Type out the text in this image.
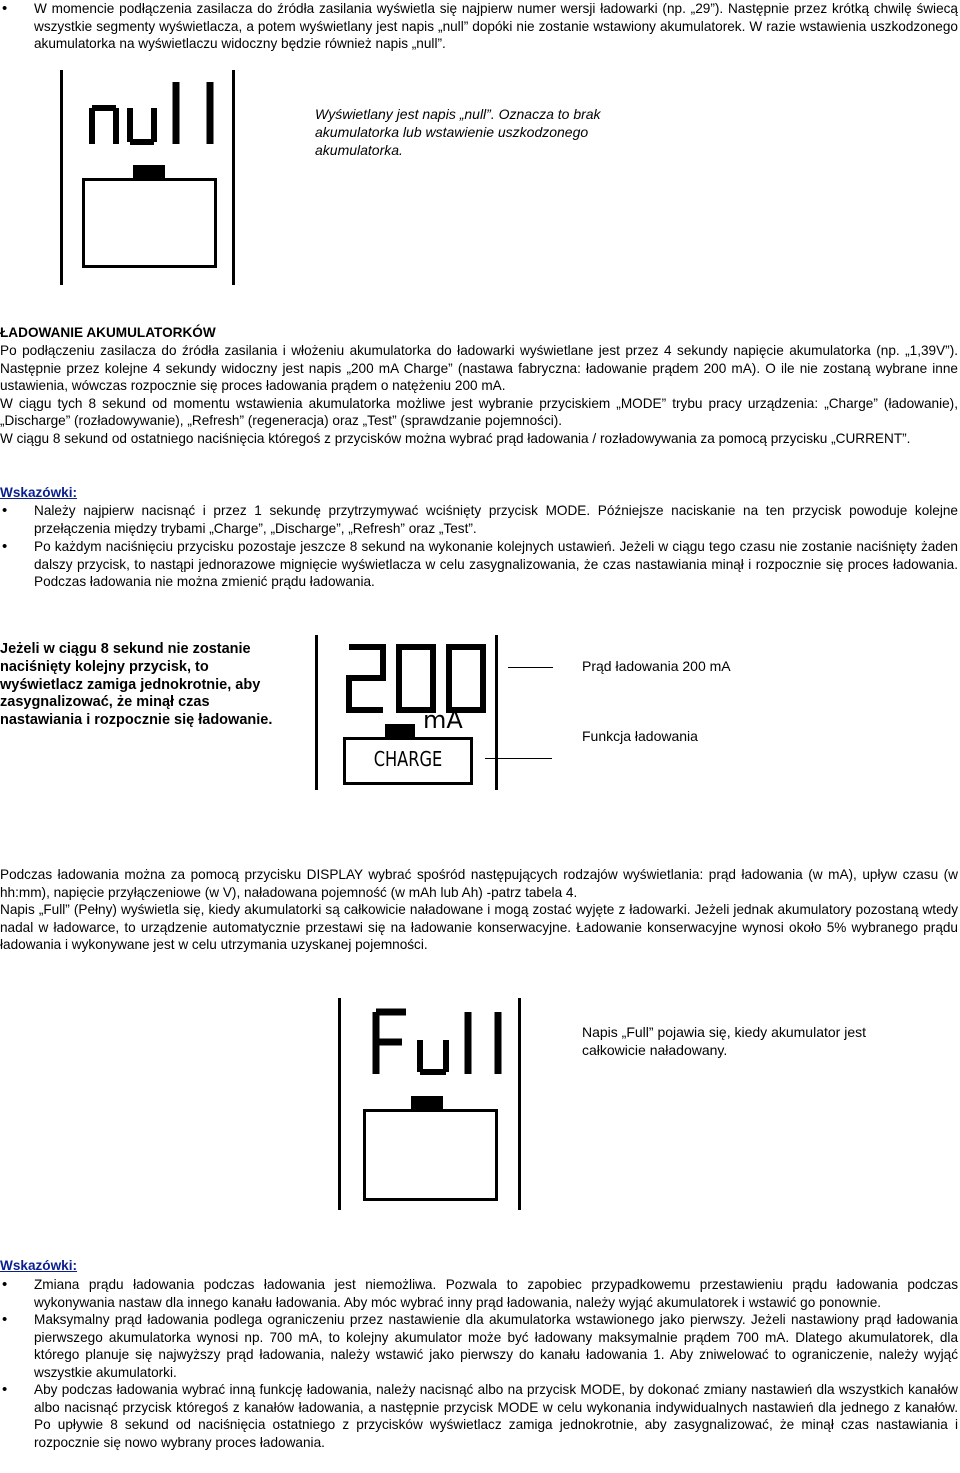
• W momencie podłączenia zasilacza do źródła zasilania wyświetla się najpierw numer wersji ładowarki (np. „29”). Następnie przez krótką chwilę świecą wszystkie segmenty wyświetlacza, a potem wyświetlany jest napis „null” dopóki nie zostanie wstawiony akumulatorek. W razie wstawienia uszkodzonego akumulatorka na wyświetlaczu widoczny będzie również napis „null”.

Wyświetlany jest napis „null”. Oznacza to brak akumulatorka lub wstawienie uszkodzonego akumulatorka.

ŁADOWANIE AKUMULATORKÓW

Po podłączeniu zasilacza do źródła zasilania i włożeniu akumulatorka do ładowarki wyświetlane jest przez 4 sekundy napięcie akumulatorka (np. „1,39V”). Następnie przez kolejne 4 sekundy widoczny jest napis „200 mA Charge” (nastawa fabryczna: ładowanie prądem 200 mA). O ile nie zostaną wybrane inne ustawienia, wówczas rozpocznie się proces ładowania prądem o natężeniu 200 mA.

W ciągu tych 8 sekund od momentu wstawienia akumulatorka możliwe jest wybranie przyciskiem „MODE” trybu pracy urządzenia: „Charge” (ładowanie), „Discharge” (rozładowywanie), „Refresh” (regeneracja) oraz „Test” (sprawdzanie pojemności).

W ciągu 8 sekund od ostatniego naciśnięcia któregoś z przycisków można wybrać prąd ładowania / rozładowywania za pomocą przycisku „CURRENT”.

Wskazówki:

• Należy najpierw nacisnąć i przez 1 sekundę przytrzymywać wciśnięty przycisk MODE. Późniejsze naciskanie na ten przycisk powoduje kolejne przełączenia między trybami „Charge”, „Discharge”, „Refresh” oraz „Test”.
• Po każdym naciśnięciu przycisku pozostaje jeszcze 8 sekund na wykonanie kolejnych ustawień. Jeżeli w ciągu tego czasu nie zostanie naciśnięty żaden dalszy przycisk, to nastąpi jednorazowe mignięcie wyświetlacza w celu zasygnalizowania, że czas nastawiania minął i rozpocznie się proces ładowania. Podczas ładowania nie można zmienić prądu ładowania.

Jeżeli w ciągu 8 sekund nie zostanie naciśnięty kolejny przycisk, to wyświetlacz zamiga jednokrotnie, aby zasygnalizować, że minął czas nastawiania i rozpocznie się ładowanie.	mA
CHARGE

Prąd ładowania 200 mA

Funkcja ładowania

Podczas ładowania można za pomocą przycisku DISPLAY wybrać spośród następujących rodzajów wyświetlania: prąd ładowania (w mA), upływ czasu (w hh:mm), napięcie przyłączeniowe (w V), naładowana pojemność (w mAh lub Ah) -patrz tabela 4.

Napis „Full” (Pełny) wyświetla się, kiedy akumulatorki są całkowicie naładowane i mogą zostać wyjęte z ładowarki. Jeżeli jednak akumulatory pozostaną wtedy nadal w ładowarce, to urządzenie automatycznie przestawi się na ładowanie konserwacyjne. Ładowanie konserwacyjne wynosi około 5% wybranego prądu ładowania i wykonywane jest w celu utrzymania uzyskanej pojemności.

Napis „Full” pojawia się, kiedy akumulator jest całkowicie naładowany.

Wskazówki:

• Zmiana prądu ładowania podczas ładowania jest niemożliwa. Pozwala to zapobiec przypadkowemu przestawieniu prądu ładowania podczas wykonywania nastaw dla innego kanału ładowania. Aby móc wybrać inny prąd ładowania, należy wyjąć akumulatorek i wstawić go ponownie.
• Maksymalny prąd ładowania podlega ograniczeniu przez nastawienie dla akumulatorka wstawionego jako pierwszy. Jeżeli nastawiony prąd ładowania pierwszego akumulatorka wynosi np. 700 mA, to kolejny akumulator może być ładowany maksymalnie prądem 700 mA. Dlatego akumulatorek, dla którego planuje się najwyższy prąd ładowania, należy wstawić jako pierwszy do kanału ładowania 1. Aby zniwelować to ograniczenie, należy wyjąć wszystkie akumulatorki.
• Aby podczas ładowania wybrać inną funkcję ładowania, należy nacisnąć albo na przycisk MODE, by dokonać zmiany nastawień dla wszystkich kanałów albo nacisnąć przycisk któregoś z kanałów ładowania, a następnie przycisk MODE w celu wykonania indywidualnych nastawień dla jednego z kanałów. Po upływie 8 sekund od naciśnięcia ostatniego z przycisków wyświetlacz zamiga jednokrotnie, aby zasygnalizować, że minął czas nastawiania i rozpocznie się nowo wybrany proces ładowania.
